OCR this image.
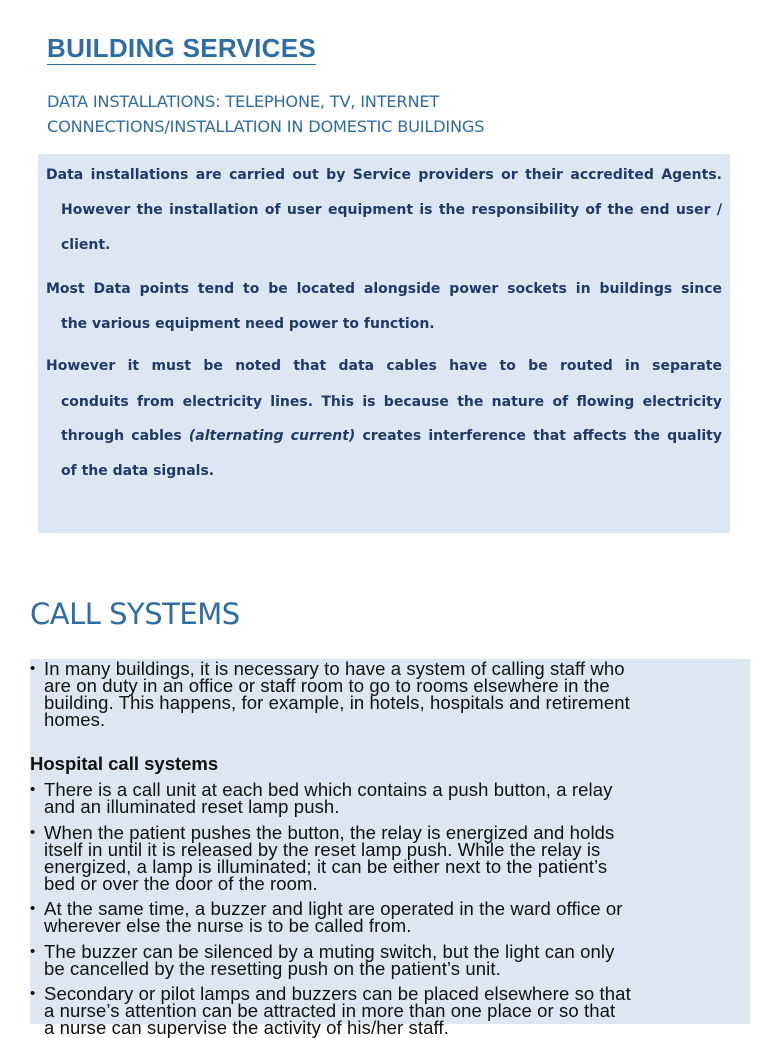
BUILDING SERVICES
DATA INSTALLATIONS: TELEPHONE, TV, INTERNET
CONNECTIONS/INSTALLATION IN DOMESTIC BUILDINGS

Data installations are carried out by Service providers or their accredited Agents.

However the installation of user equipment is the responsibility of the end user /

client.

Most Data points tend to be located alongside power sockets in buildings since

the various equipment need power to function.

However it must be noted that data cables have to be routed in separate

conduits from electricity lines. This is because the nature of flowing electricity

through cables (alternating current) creates interference that affects the quality

of the data signals.

CALL SYSTEMS
• In many buildings, it is necessary to have a system of calling staff who
are on duty in an office or staff room to go to rooms elsewhere in the
building. This happens, for example, in hotels, hospitals and retirement
homes.
Hospital call systems
• There is a call unit at each bed which contains a push button, a relay
and an illuminated reset lamp push.
• When the patient pushes the button, the relay is energized and holds
itself in until it is released by the reset lamp push. While the relay is
energized, a lamp is illuminated; it can be either next to the patient’s
bed or over the door of the room.
• At the same time, a buzzer and light are operated in the ward office or
wherever else the nurse is to be called from.
• The buzzer can be silenced by a muting switch, but the light can only
be cancelled by the resetting push on the patient’s unit.
• Secondary or pilot lamps and buzzers can be placed elsewhere so that
a nurse’s attention can be attracted in more than one place or so that
a nurse can supervise the activity of his/her staff.
